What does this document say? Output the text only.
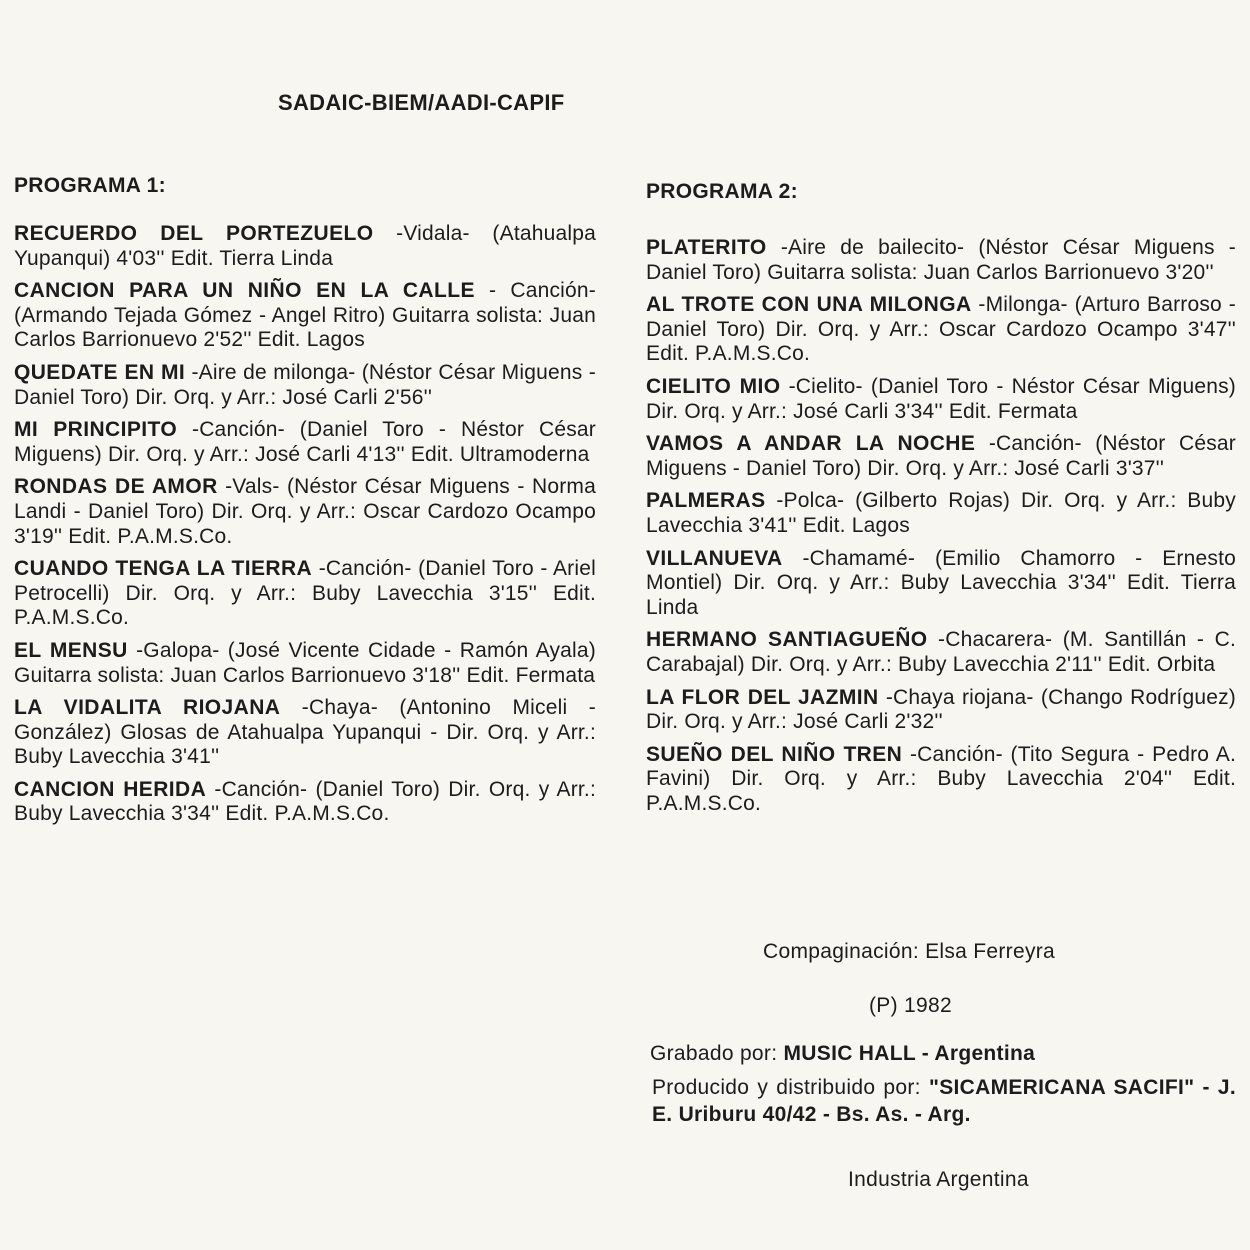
SADAIC-BIEM/AADI-CAPIF
PROGRAMA 1:
RECUERDO DEL PORTEZUELO -Vidala- (Atahualpa Yupanqui) 4'03'' Edit. Tierra Linda
CANCION PARA UN NIÑO EN LA CALLE - Canción- (Armando Tejada Gómez - Angel Ritro) Guitarra solista: Juan Carlos Barrionuevo 2'52'' Edit. Lagos
QUEDATE EN MI -Aire de milonga- (Néstor César Miguens - Daniel Toro) Dir. Orq. y Arr.: José Carli 2'56''
MI PRINCIPITO -Canción- (Daniel Toro - Néstor César Miguens) Dir. Orq. y Arr.: José Carli 4'13'' Edit. Ultramoderna
RONDAS DE AMOR -Vals- (Néstor César Miguens - Norma Landi - Daniel Toro) Dir. Orq. y Arr.: Oscar Cardozo Ocampo 3'19'' Edit. P.A.M.S.Co.
CUANDO TENGA LA TIERRA -Canción- (Daniel Toro - Ariel Petrocelli) Dir. Orq. y Arr.: Buby Lavecchia 3'15'' Edit. P.A.M.S.Co.
EL MENSU -Galopa- (José Vicente Cidade - Ramón Ayala) Guitarra solista: Juan Carlos Barrionuevo 3'18'' Edit. Fermata
LA VIDALITA RIOJANA -Chaya- (Antonino Miceli - González) Glosas de Atahualpa Yupanqui - Dir. Orq. y Arr.: Buby Lavecchia 3'41''
CANCION HERIDA -Canción- (Daniel Toro) Dir. Orq. y Arr.: Buby Lavecchia 3'34'' Edit. P.A.M.S.Co.
PROGRAMA 2:
PLATERITO -Aire de bailecito- (Néstor César Miguens - Daniel Toro) Guitarra solista: Juan Carlos Barrionuevo 3'20''
AL TROTE CON UNA MILONGA -Milonga- (Arturo Barroso - Daniel Toro) Dir. Orq. y Arr.: Oscar Cardozo Ocampo 3'47'' Edit. P.A.M.S.Co.
CIELITO MIO -Cielito- (Daniel Toro - Néstor César Miguens) Dir. Orq. y Arr.: José Carli 3'34'' Edit. Fermata
VAMOS A ANDAR LA NOCHE -Canción- (Néstor César Miguens - Daniel Toro) Dir. Orq. y Arr.: José Carli 3'37''
PALMERAS -Polca- (Gilberto Rojas) Dir. Orq. y Arr.: Buby Lavecchia 3'41'' Edit. Lagos
VILLANUEVA -Chamamé- (Emilio Chamorro - Ernesto Montiel) Dir. Orq. y Arr.: Buby Lavecchia 3'34'' Edit. Tierra Linda
HERMANO SANTIAGUEÑO -Chacarera- (M. Santillán - C. Carabajal) Dir. Orq. y Arr.: Buby Lavecchia 2'11'' Edit. Orbita
LA FLOR DEL JAZMIN -Chaya riojana- (Chango Rodríguez) Dir. Orq. y Arr.: José Carli 2'32''
SUEÑO DEL NIÑO TREN -Canción- (Tito Segura - Pedro A. Favini) Dir. Orq. y Arr.: Buby Lavecchia 2'04'' Edit. P.A.M.S.Co.
Compaginación: Elsa Ferreyra
(P) 1982
Grabado por: MUSIC HALL - Argentina
Producido y distribuido por: "SICAMERICANA SACIFI" - J. E. Uriburu 40/42 - Bs. As. - Arg.
Industria Argentina
